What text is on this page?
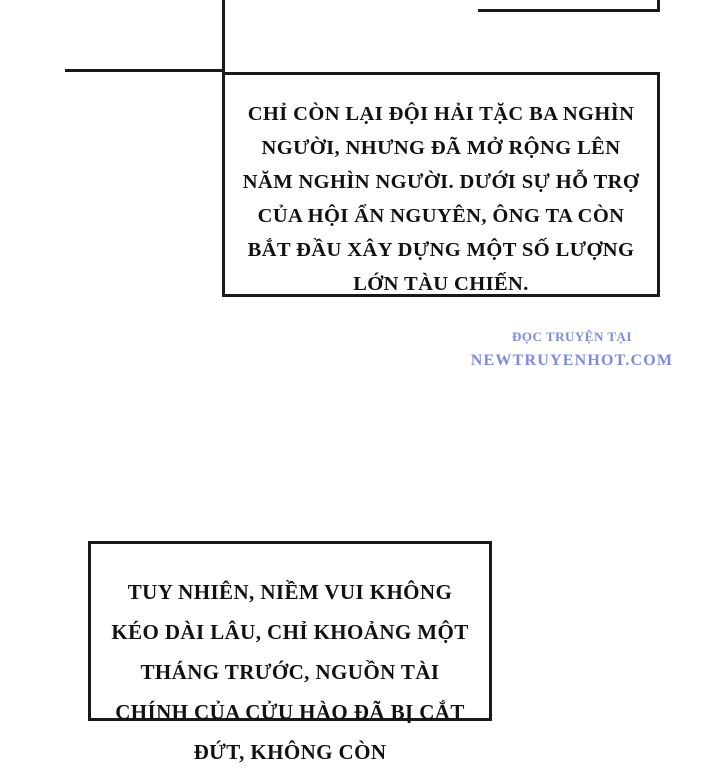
CHỈ CÒN LẠI ĐỘI HẢI TẶC BA NGHÌN NGƯỜI, NHƯNG ĐÃ MỞ RỘNG LÊN NĂM NGHÌN NGƯỜI. DƯỚI SỰ HỖ TRỢ CỦA HỘI ẨN NGUYÊN, ÔNG TA CÒN BẮT ĐẦU XÂY DỰNG MỘT SỐ LƯỢNG LỚN TÀU CHIẾN.
ĐỌC TRUYỆN TẠI
NEWTRUYENHOT.COM
TUY NHIÊN, NIỀM VUI KHÔNG KÉO DÀI LÂU, CHỈ KHOẢNG MỘT THÁNG TRƯỚC, NGUỒN TÀI CHÍNH CỦA CỬU HÀO ĐÃ BỊ CẮT ĐỨT, KHÔNG CÒN
